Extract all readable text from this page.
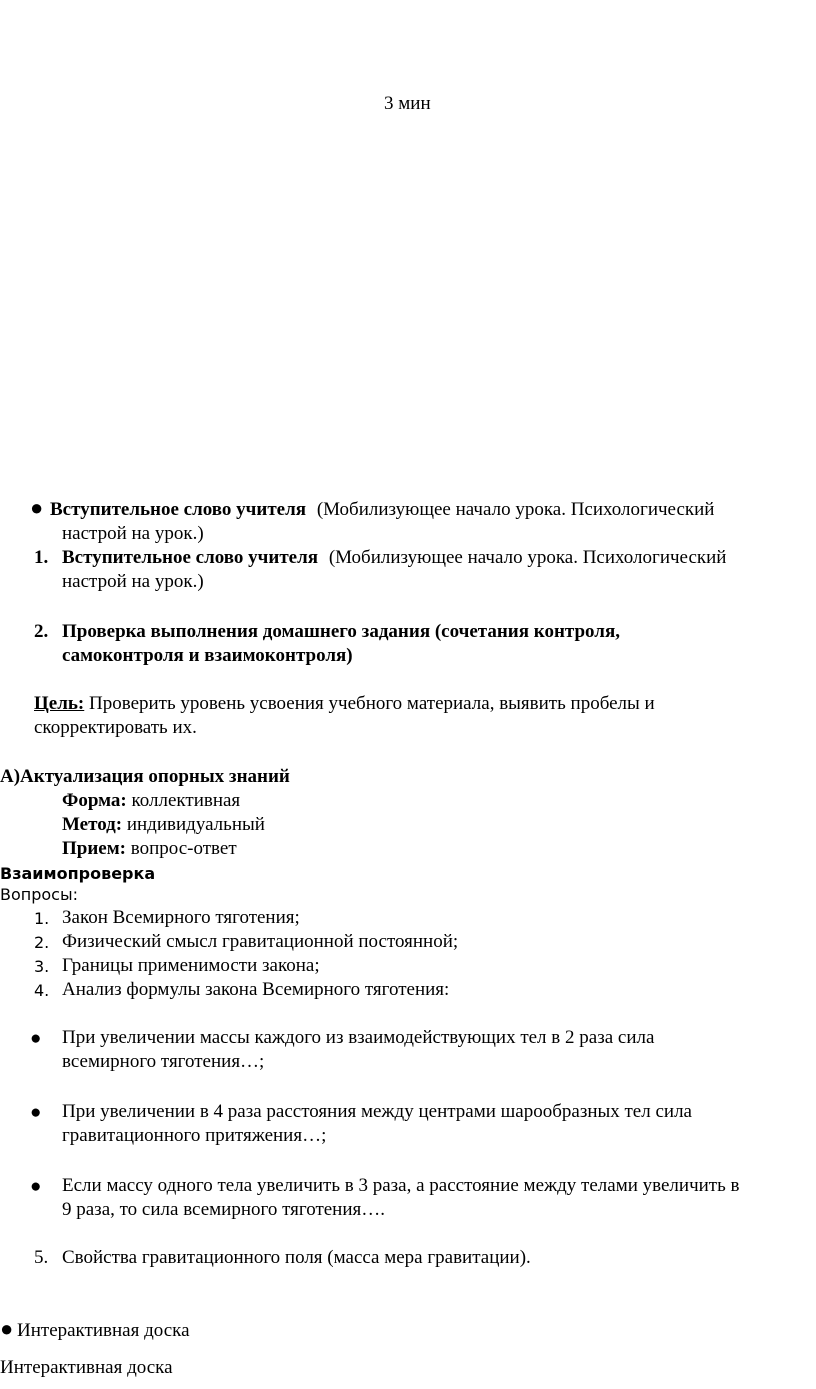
3 мин
● Вступительное слово учителя (Мобилизующее начало урока. Психологический
настрой на урок.)
1. Вступительное слово учителя (Мобилизующее начало урока. Психологический
настрой на урок.)
2. Проверка выполнения домашнего задания (сочетания контроля,
самоконтроля и взаимоконтроля)
Цель: Проверить уровень усвоения учебного материала, выявить пробелы и
скорректировать их.
А)Актуализация опорных знаний
Форма: коллективная
Метод: индивидуальный
Прием: вопрос-ответ
Взаимопроверка
Вопросы:
1. Закон Всемирного тяготения;
2. Физический смысл гравитационной постоянной;
3. Границы применимости закона;
4. Анализ формулы закона Всемирного тяготения:
● При увеличении массы каждого из взаимодействующих тел в 2 раза сила
всемирного тяготения…;
● При увеличении в 4 раза расстояния между центрами шарообразных тел сила
гравитационного притяжения…;
● Если массу одного тела увеличить в 3 раза, а расстояние между телами увеличить в
9 раза, то сила всемирного тяготения….
5. Свойства гравитационного поля (масса мера гравитации).
● Интерактивная доска
Интерактивная доска
